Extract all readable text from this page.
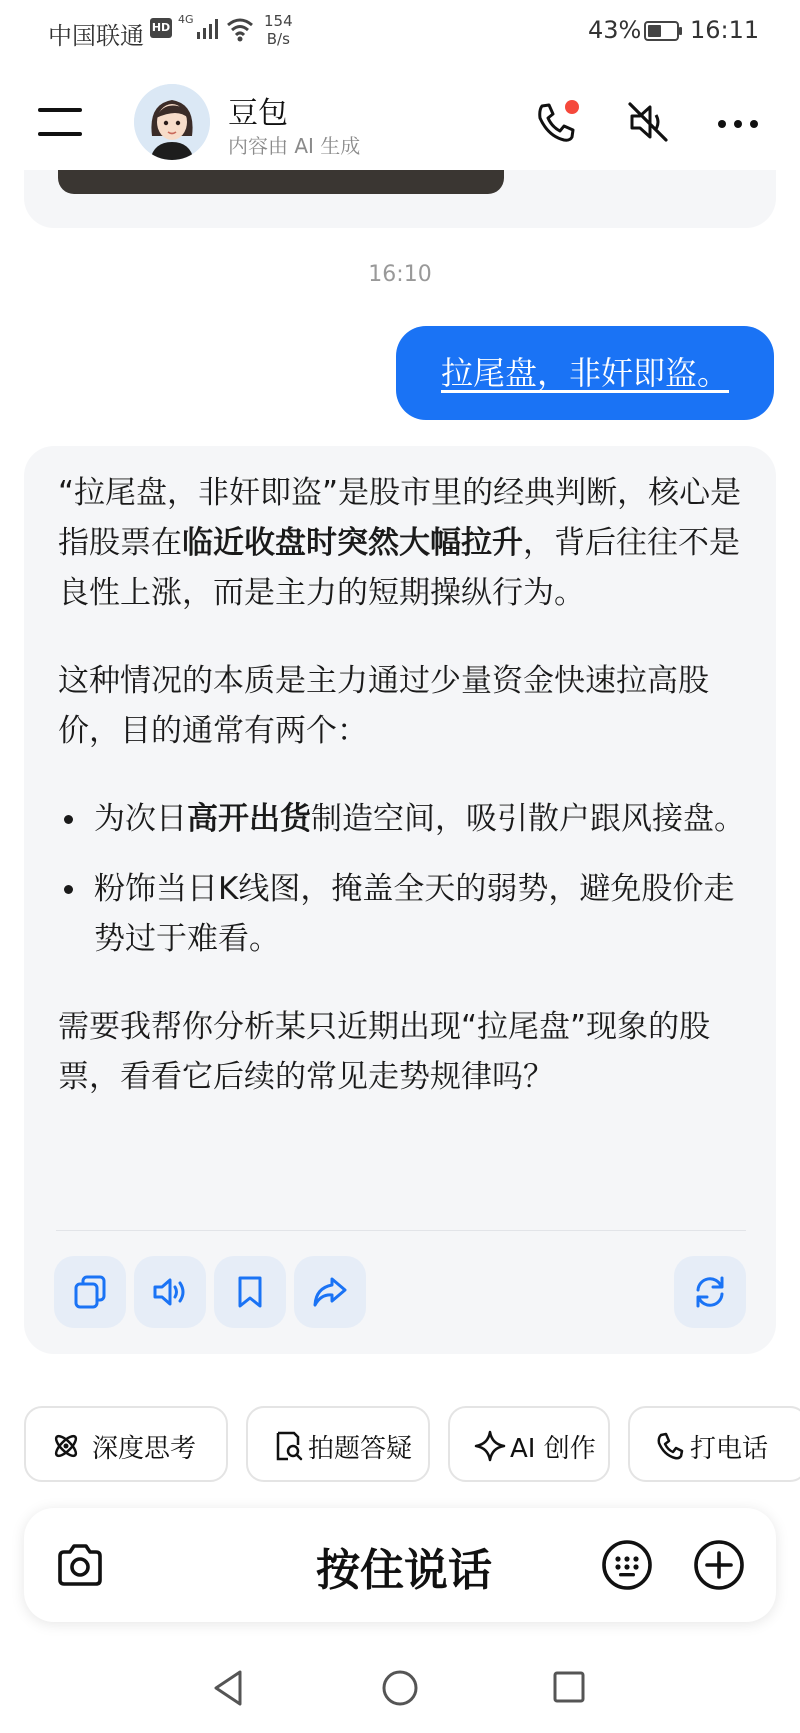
中国联通 HD
4G	154
B/s	43% 16:11
豆包
内容由 AI 生成
16:10
拉尾盘，非奸即盗。

“拉尾盘，非奸即盗”是股市里的经典判断，核心是指股票在临近收盘时突然大幅拉升，背后往往不是良性上涨，而是主力的短期操纵行为。

这种情况的本质是主力通过少量资金快速拉高股价，目的通常有两个：

为次日高开出货制造空间，吸引散户跟风接盘。
粉饰当日K线图，掩盖全天的弱势，避免股价走势过于难看。

需要我帮你分析某只近期出现“拉尾盘”现象的股票，看看它后续的常见走势规律吗？

深度思考	拍题答疑	AI 创作	打电话
按住说话
